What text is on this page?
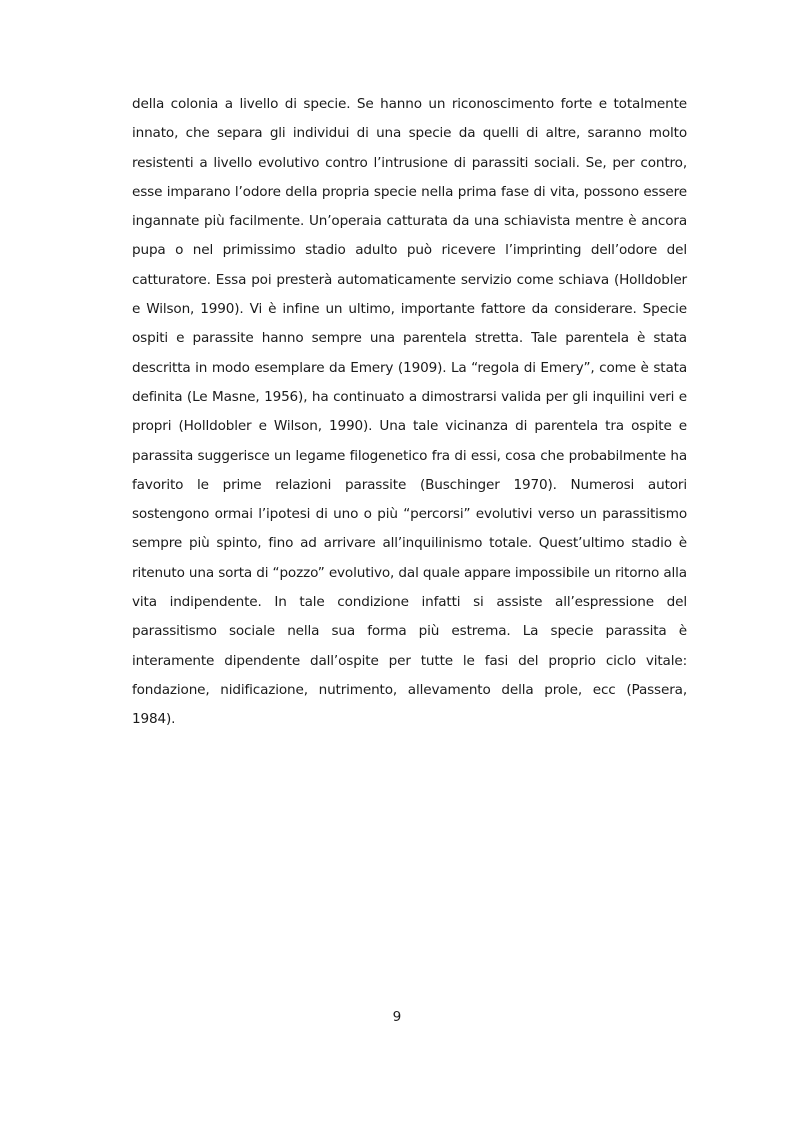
della colonia a livello di specie. Se hanno un riconoscimento forte e totalmente innato, che separa gli individui di una specie da quelli di altre, saranno molto resistenti a livello evolutivo contro l’intrusione di parassiti sociali. Se, per contro, esse imparano l’odore della propria specie nella prima fase di vita, possono essere ingannate più facilmente. Un’operaia catturata da una schiavista mentre è ancora pupa o nel primissimo stadio adulto può ricevere l’imprinting dell’odore del catturatore. Essa poi presterà automaticamente servizio come schiava (Holldobler e Wilson, 1990). Vi è infine un ultimo, importante fattore da considerare. Specie ospiti e parassite hanno sempre una parentela stretta. Tale parentela è stata descritta in modo esemplare da Emery (1909). La “regola di Emery”, come è stata definita (Le Masne, 1956), ha continuato a dimostrarsi valida per gli inquilini veri e propri (Holldobler e Wilson, 1990). Una tale vicinanza di parentela tra ospite e parassita suggerisce un legame filogenetico fra di essi, cosa che probabilmente ha favorito le prime relazioni parassite (Buschinger 1970). Numerosi autori sostengono ormai l’ipotesi di uno o più “percorsi” evolutivi verso un parassitismo sempre più spinto, fino ad arrivare all’inquilinismo totale. Quest’ultimo stadio è ritenuto una sorta di “pozzo” evolutivo, dal quale appare impossibile un ritorno alla vita indipendente. In tale condizione infatti si assiste all’espressione del parassitismo sociale nella sua forma più estrema. La specie parassita è interamente dipendente dall’ospite per tutte le fasi del proprio ciclo vitale: fondazione, nidificazione, nutrimento, allevamento della prole, ecc (Passera, 1984).

9
